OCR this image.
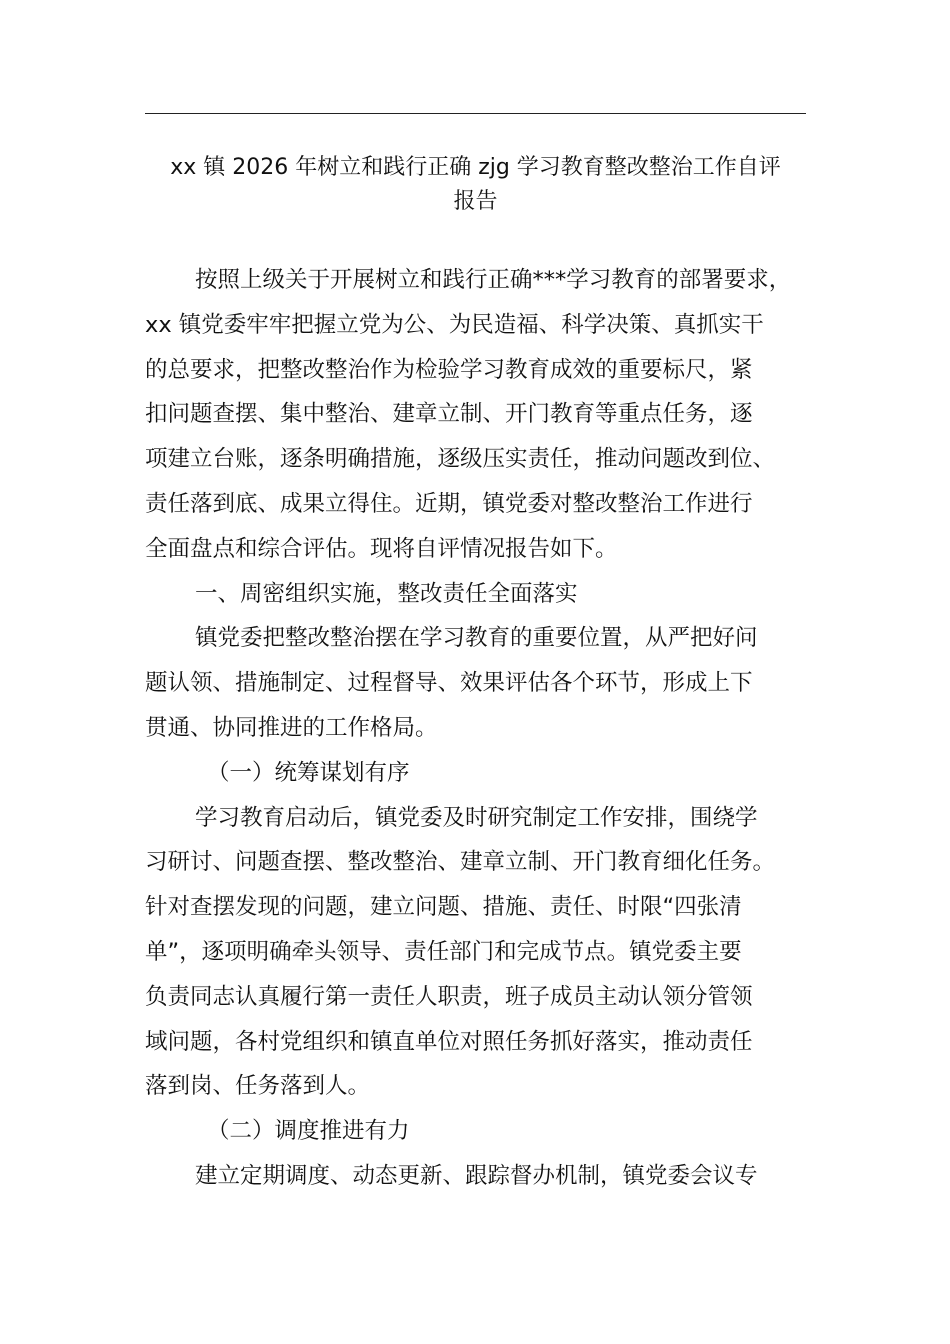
xx 镇 2026 年树立和践行正确 zjg 学习教育整改整治工作自评
报告

按照上级关于开展树立和践行正确***学习教育的部署要求，
xx 镇党委牢牢把握立党为公、为民造福、科学决策、真抓实干
的总要求，把整改整治作为检验学习教育成效的重要标尺，紧
扣问题查摆、集中整治、建章立制、开门教育等重点任务，逐
项建立台账，逐条明确措施，逐级压实责任，推动问题改到位、
责任落到底、成果立得住。近期，镇党委对整改整治工作进行
全面盘点和综合评估。现将自评情况报告如下。

一、周密组织实施，整改责任全面落实

镇党委把整改整治摆在学习教育的重要位置，从严把好问
题认领、措施制定、过程督导、效果评估各个环节，形成上下
贯通、协同推进的工作格局。

（一）统筹谋划有序

学习教育启动后，镇党委及时研究制定工作安排，围绕学
习研讨、问题查摆、整改整治、建章立制、开门教育细化任务。
针对查摆发现的问题，建立问题、措施、责任、时限“四张清
单”，逐项明确牵头领导、责任部门和完成节点。镇党委主要
负责同志认真履行第一责任人职责，班子成员主动认领分管领
域问题，各村党组织和镇直单位对照任务抓好落实，推动责任
落到岗、任务落到人。

（二）调度推进有力

建立定期调度、动态更新、跟踪督办机制，镇党委会议专
